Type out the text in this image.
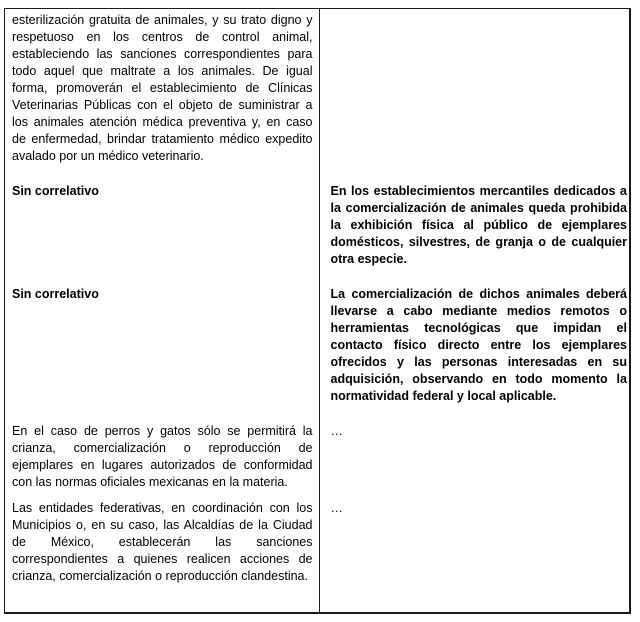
esterilización gratuita de animales, y su trato digno y respetuoso en los centros de control animal, estableciendo las sanciones correspondientes para todo aquel que maltrate a los animales. De igual forma, promoverán el establecimiento de Clínicas Veterinarias Públicas con el objeto de suministrar a los animales atención médica preventiva y, en caso de enfermedad, brindar tratamiento médico expedito avalado por un médico veterinario.	

Sin correlativo	En los establecimientos mercantiles dedicados a la comercialización de animales queda prohibida la exhibición física al público de ejemplares domésticos, silvestres, de granja o de cualquier otra especie.

Sin correlativo	La comercialización de dichos animales deberá llevarse a cabo mediante medios remotos o herramientas tecnológicas que impidan el contacto físico directo entre los ejemplares ofrecidos y las personas interesadas en su adquisición, observando en todo momento la normatividad federal y local aplicable.

En el caso de perros y gatos sólo se permitirá la crianza, comercialización o reproducción de ejemplares en lugares autorizados de conformidad con las normas oficiales mexicanas en la materia.	…

Las entidades federativas, en coordinación con los Municipios o, en su caso, las Alcaldías de la Ciudad de México, establecerán las sanciones correspondientes a quienes realicen acciones de crianza, comercialización o reproducción clandestina.	…
